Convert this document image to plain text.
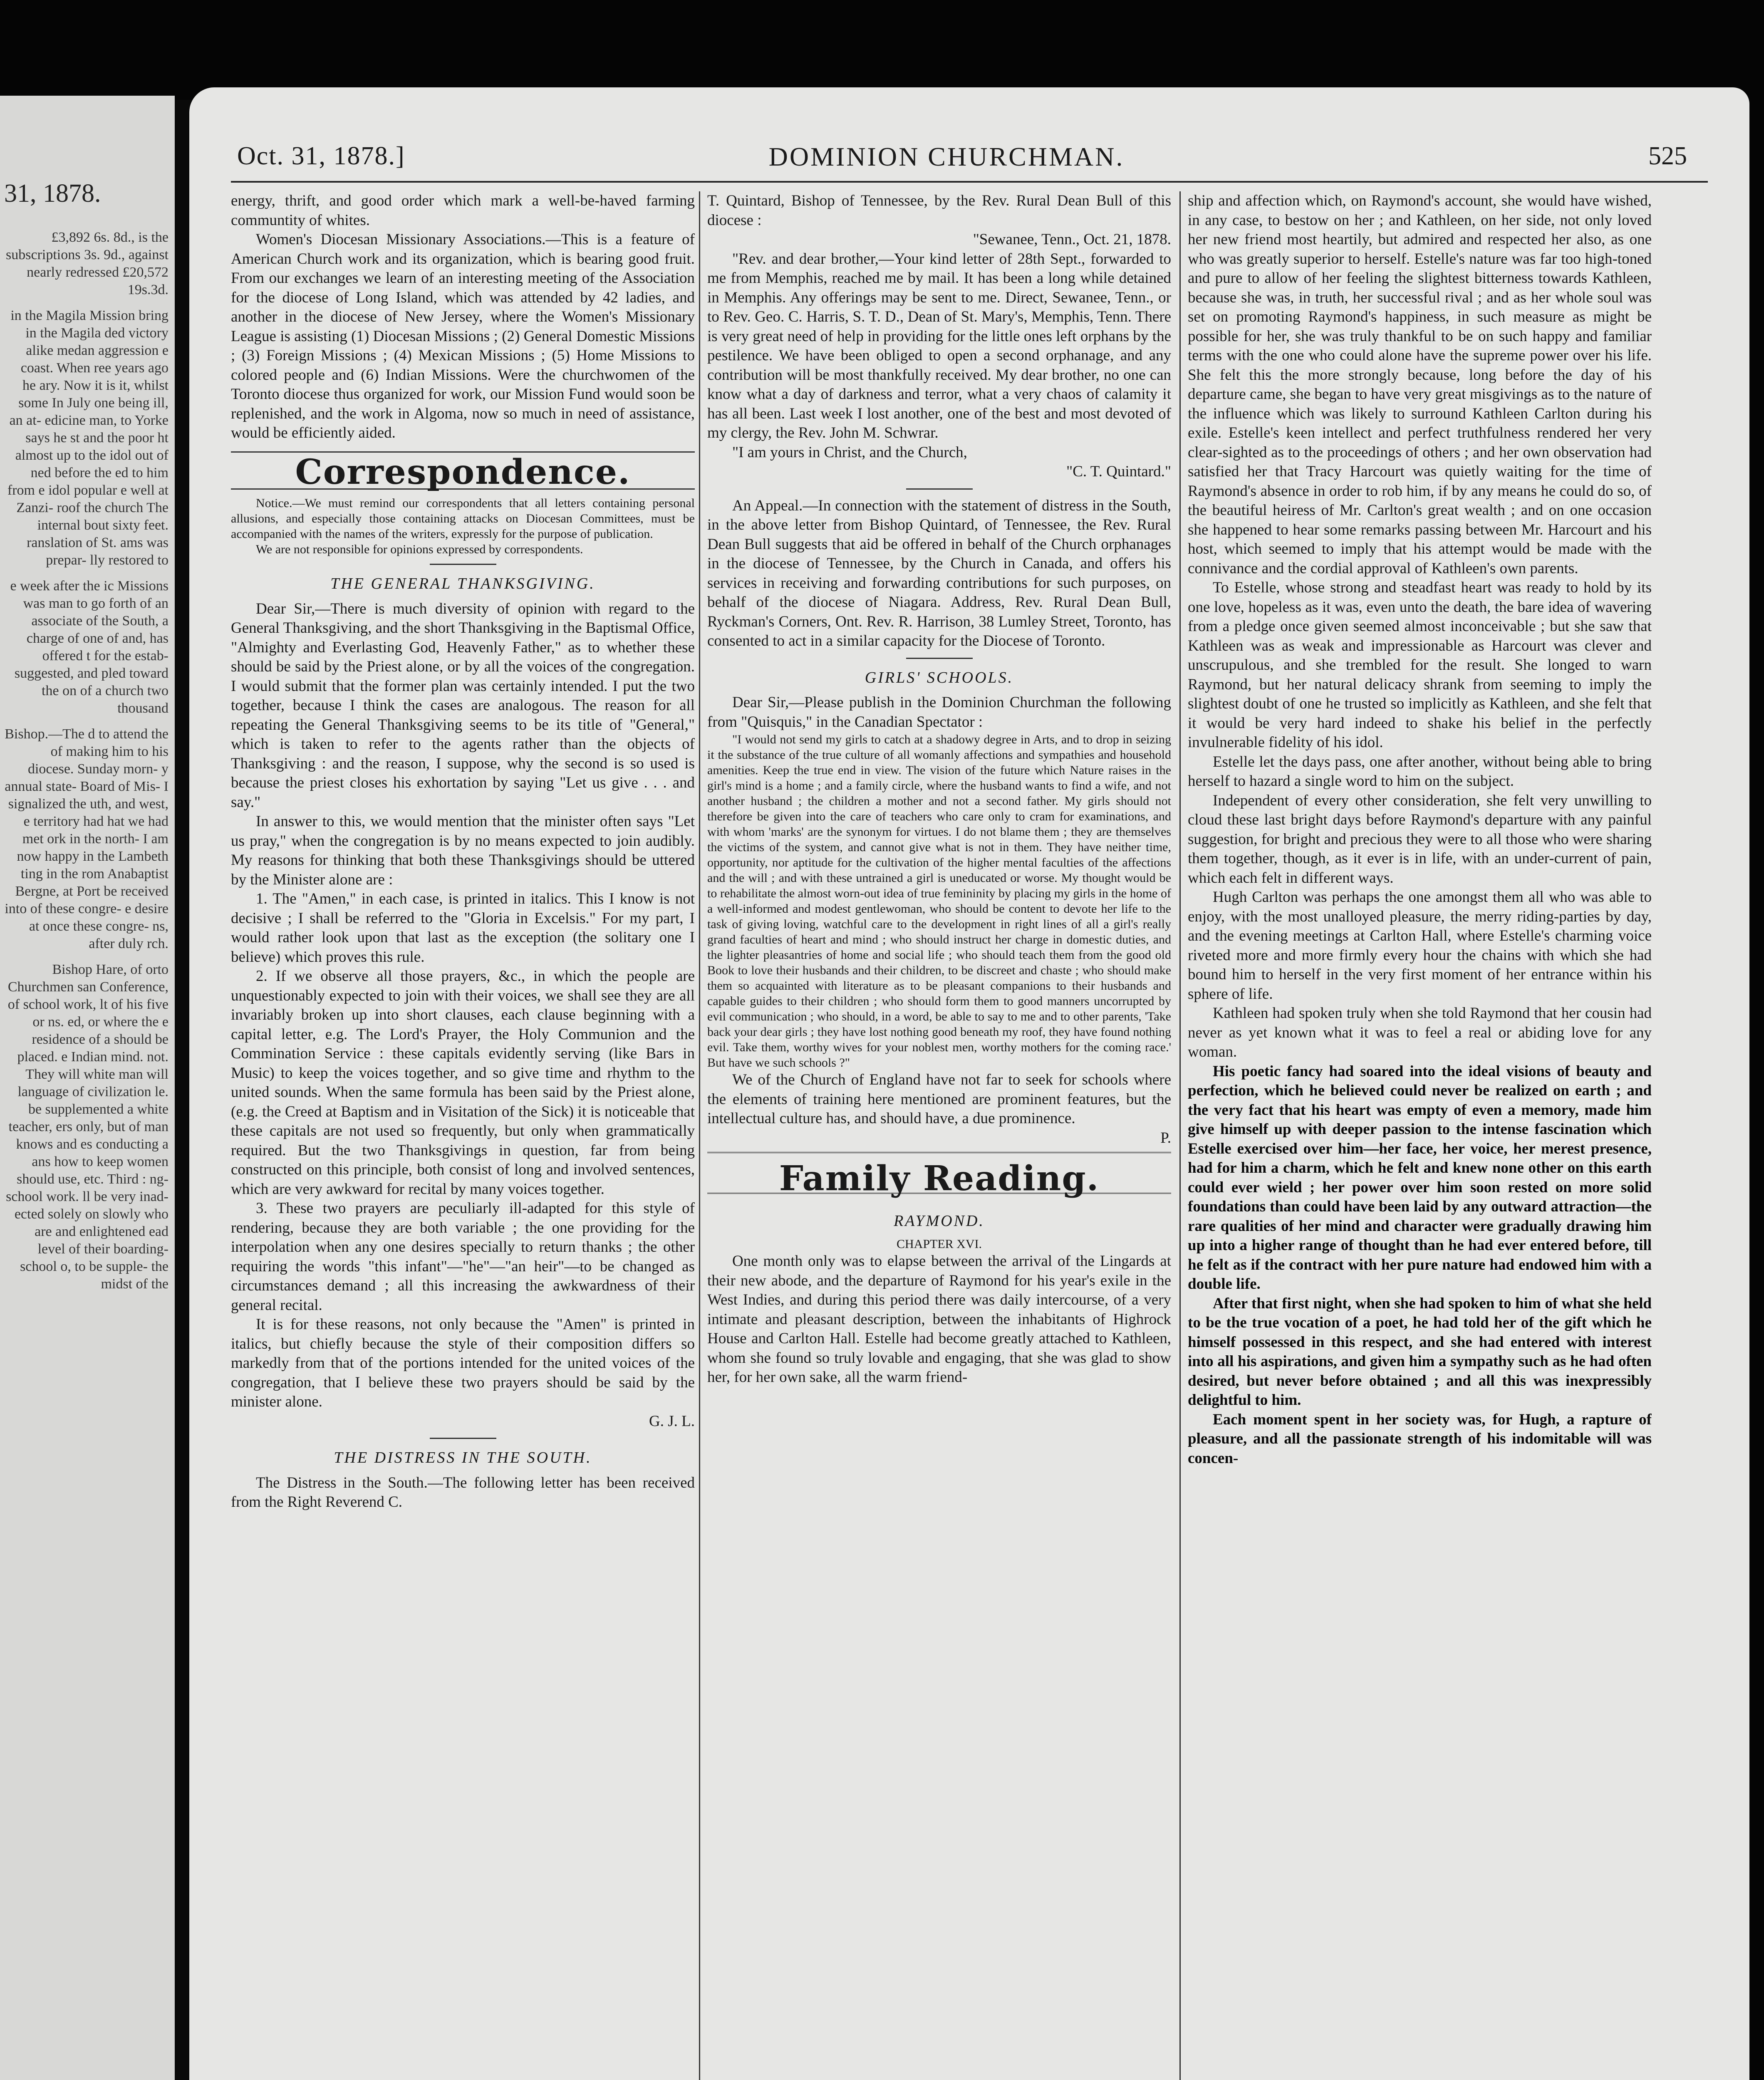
31, 1878.

£3,892 6s. 8d., is the subscriptions 3s. 9d., against nearly redressed £20,572 19s.3d.

in the Magila Mission bring in the Magila ded victory alike medan aggression e coast. When ree years ago he ary. Now it is it, whilst some In July one being ill, an at- edicine man, to Yorke says he st and the poor ht almost up to the idol out of ned before the ed to him from e idol popular e well at Zanzi- roof the church The internal bout sixty feet. ranslation of St. ams was prepar- lly restored to

e week after the ic Missions was man to go forth of an associate of the South, a charge of one of and, has offered t for the estab- suggested, and pled toward the on of a church two thousand

Bishop.—The d to attend the of making him to his diocese. Sunday morn- y annual state- Board of Mis- I signalized the uth, and west, e territory had hat we had met ork in the north- I am now happy in the Lambeth ting in the rom Anabaptist Bergne, at Port be received into of these congre- e desire at once these congre- ns, after duly rch.

Bishop Hare, of orto Churchmen san Conference, of school work, lt of his five or ns. ed, or where the e residence of a should be placed. e Indian mind. not. They will white man will language of civilization le. be supplemented a white teacher, ers only, but of man knows and es conducting a ans how to keep women should use, etc. Third : ng-school work. ll be very inad- ected solely on slowly who are and enlightened ead level of their boarding-school o, to be supple- the midst of the

Oct. 31, 1878.]	DOMINION CHURCHMAN.	525

energy, thrift, and good order which mark a well-be-haved farming communtity of whites.

Women's Diocesan Missionary Associations.—This is a feature of American Church work and its organization, which is bearing good fruit. From our exchanges we learn of an interesting meeting of the Association for the diocese of Long Island, which was attended by 42 ladies, and another in the diocese of New Jersey, where the Women's Missionary League is assisting (1) Diocesan Missions ; (2) General Domestic Missions ; (3) Foreign Missions ; (4) Mexican Missions ; (5) Home Missions to colored people and (6) Indian Missions. Were the churchwomen of the Toronto diocese thus organized for work, our Mission Fund would soon be replenished, and the work in Algoma, now so much in need of assistance, would be efficiently aided.

Correspondence.

Notice.—We must remind our correspondents that all letters containing personal allusions, and especially those containing attacks on Diocesan Committees, must be accompanied with the names of the writers, expressly for the purpose of publication.

We are not responsible for opinions expressed by correspondents.

THE GENERAL THANKSGIVING.

Dear Sir,—There is much diversity of opinion with regard to the General Thanksgiving, and the short Thanksgiving in the Baptismal Office, "Almighty and Everlasting God, Heavenly Father," as to whether these should be said by the Priest alone, or by all the voices of the congregation. I would submit that the former plan was certainly intended. I put the two together, because I think the cases are analogous. The reason for all repeating the General Thanksgiving seems to be its title of "General," which is taken to refer to the agents rather than the objects of Thanksgiving : and the reason, I suppose, why the second is so used is because the priest closes his exhortation by saying "Let us give . . . and say."

In answer to this, we would mention that the minister often says "Let us pray," when the congregation is by no means expected to join audibly. My reasons for thinking that both these Thanksgivings should be uttered by the Minister alone are :

1. The "Amen," in each case, is printed in italics. This I know is not decisive ; I shall be referred to the "Gloria in Excelsis." For my part, I would rather look upon that last as the exception (the solitary one I believe) which proves this rule.

2. If we observe all those prayers, &c., in which the people are unquestionably expected to join with their voices, we shall see they are all invariably broken up into short clauses, each clause beginning with a capital letter, e.g. The Lord's Prayer, the Holy Communion and the Commination Service : these capitals evidently serving (like Bars in Music) to keep the voices together, and so give time and rhythm to the united sounds. When the same formula has been said by the Priest alone, (e.g. the Creed at Baptism and in Visitation of the Sick) it is noticeable that these capitals are not used so frequently, but only when grammatically required. But the two Thanksgivings in question, far from being constructed on this principle, both consist of long and involved sentences, which are very awkward for recital by many voices together.

3. These two prayers are peculiarly ill-adapted for this style of rendering, because they are both variable ; the one providing for the interpolation when any one desires specially to return thanks ; the other requiring the words "this infant"—"he"—"an heir"—to be changed as circumstances demand ; all this increasing the awkwardness of their general recital.

It is for these reasons, not only because the "Amen" is printed in italics, but chiefly because the style of their composition differs so markedly from that of the portions intended for the united voices of the congregation, that I believe these two prayers should be said by the minister alone.

G. J. L.

THE DISTRESS IN THE SOUTH.

The Distress in the South.—The following letter has been received from the Right Reverend C.

T. Quintard, Bishop of Tennessee, by the Rev. Rural Dean Bull of this diocese :

"Sewanee, Tenn., Oct. 21, 1878.

"Rev. and dear brother,—Your kind letter of 28th Sept., forwarded to me from Memphis, reached me by mail. It has been a long while detained in Memphis. Any offerings may be sent to me. Direct, Sewanee, Tenn., or to Rev. Geo. C. Harris, S. T. D., Dean of St. Mary's, Memphis, Tenn. There is very great need of help in providing for the little ones left orphans by the pestilence. We have been obliged to open a second orphanage, and any contribution will be most thankfully received. My dear brother, no one can know what a day of darkness and terror, what a very chaos of calamity it has all been. Last week I lost another, one of the best and most devoted of my clergy, the Rev. John M. Schwrar.

"I am yours in Christ, and the Church,

"C. T. Quintard."

An Appeal.—In connection with the statement of distress in the South, in the above letter from Bishop Quintard, of Tennessee, the Rev. Rural Dean Bull suggests that aid be offered in behalf of the Church orphanages in the diocese of Tennessee, by the Church in Canada, and offers his services in receiving and forwarding contributions for such purposes, on behalf of the diocese of Niagara. Address, Rev. Rural Dean Bull, Ryckman's Corners, Ont. Rev. R. Harrison, 38 Lumley Street, Toronto, has consented to act in a similar capacity for the Diocese of Toronto.

GIRLS' SCHOOLS.

Dear Sir,—Please publish in the Dominion Churchman the following from "Quisquis," in the Canadian Spectator :

"I would not send my girls to catch at a shadowy degree in Arts, and to drop in seizing it the substance of the true culture of all womanly affections and sympathies and household amenities. Keep the true end in view. The vision of the future which Nature raises in the girl's mind is a home ; and a family circle, where the husband wants to find a wife, and not another husband ; the children a mother and not a second father. My girls should not therefore be given into the care of teachers who care only to cram for examinations, and with whom 'marks' are the synonym for virtues. I do not blame them ; they are themselves the victims of the system, and cannot give what is not in them. They have neither time, opportunity, nor aptitude for the cultivation of the higher mental faculties of the affections and the will ; and with these untrained a girl is uneducated or worse. My thought would be to rehabilitate the almost worn-out idea of true femininity by placing my girls in the home of a well-informed and modest gentlewoman, who should be content to devote her life to the task of giving loving, watchful care to the development in right lines of all a girl's really grand faculties of heart and mind ; who should instruct her charge in domestic duties, and the lighter pleasantries of home and social life ; who should teach them from the good old Book to love their husbands and their children, to be discreet and chaste ; who should make them so acquainted with literature as to be pleasant companions to their husbands and capable guides to their children ; who should form them to good manners uncorrupted by evil communication ; who should, in a word, be able to say to me and to other parents, 'Take back your dear girls ; they have lost nothing good beneath my roof, they have found nothing evil. Take them, worthy wives for your noblest men, worthy mothers for the coming race.' But have we such schools ?"

We of the Church of England have not far to seek for schools where the elements of training here mentioned are prominent features, but the intellectual culture has, and should have, a due prominence.

P.

Family Reading.
RAYMOND.

CHAPTER XVI.

One month only was to elapse between the arrival of the Lingards at their new abode, and the departure of Raymond for his year's exile in the West Indies, and during this period there was daily intercourse, of a very intimate and pleasant description, between the inhabitants of Highrock House and Carlton Hall. Estelle had become greatly attached to Kathleen, whom she found so truly lovable and engaging, that she was glad to show her, for her own sake, all the warm friend-

ship and affection which, on Raymond's account, she would have wished, in any case, to bestow on her ; and Kathleen, on her side, not only loved her new friend most heartily, but admired and respected her also, as one who was greatly superior to herself. Estelle's nature was far too high-toned and pure to allow of her feeling the slightest bitterness towards Kathleen, because she was, in truth, her successful rival ; and as her whole soul was set on promoting Raymond's happiness, in such measure as might be possible for her, she was truly thankful to be on such happy and familiar terms with the one who could alone have the supreme power over his life. She felt this the more strongly because, long before the day of his departure came, she began to have very great misgivings as to the nature of the influence which was likely to surround Kathleen Carlton during his exile. Estelle's keen intellect and perfect truthfulness rendered her very clear-sighted as to the proceedings of others ; and her own observation had satisfied her that Tracy Harcourt was quietly waiting for the time of Raymond's absence in order to rob him, if by any means he could do so, of the beautiful heiress of Mr. Carlton's great wealth ; and on one occasion she happened to hear some remarks passing between Mr. Harcourt and his host, which seemed to imply that his attempt would be made with the connivance and the cordial approval of Kathleen's own parents.

To Estelle, whose strong and steadfast heart was ready to hold by its one love, hopeless as it was, even unto the death, the bare idea of wavering from a pledge once given seemed almost inconceivable ; but she saw that Kathleen was as weak and impressionable as Harcourt was clever and unscrupulous, and she trembled for the result. She longed to warn Raymond, but her natural delicacy shrank from seeming to imply the slightest doubt of one he trusted so implicitly as Kathleen, and she felt that it would be very hard indeed to shake his belief in the perfectly invulnerable fidelity of his idol.

Estelle let the days pass, one after another, without being able to bring herself to hazard a single word to him on the subject.

Independent of every other consideration, she felt very unwilling to cloud these last bright days before Raymond's departure with any painful suggestion, for bright and precious they were to all those who were sharing them together, though, as it ever is in life, with an under-current of pain, which each felt in different ways.

Hugh Carlton was perhaps the one amongst them all who was able to enjoy, with the most unalloyed pleasure, the merry riding-parties by day, and the evening meetings at Carlton Hall, where Estelle's charming voice riveted more and more firmly every hour the chains with which she had bound him to herself in the very first moment of her entrance within his sphere of life.

Kathleen had spoken truly when she told Raymond that her cousin had never as yet known what it was to feel a real or abiding love for any woman.

His poetic fancy had soared into the ideal visions of beauty and perfection, which he believed could never be realized on earth ; and the very fact that his heart was empty of even a memory, made him give himself up with deeper passion to the intense fascination which Estelle exercised over him—her face, her voice, her merest presence, had for him a charm, which he felt and knew none other on this earth could ever wield ; her power over him soon rested on more solid foundations than could have been laid by any outward attraction—the rare qualities of her mind and character were gradually drawing him up into a higher range of thought than he had ever entered before, till he felt as if the contract with her pure nature had endowed him with a double life.

After that first night, when she had spoken to him of what she held to be the true vocation of a poet, he had told her of the gift which he himself possessed in this respect, and she had entered with interest into all his aspirations, and given him a sympathy such as he had often desired, but never before obtained ; and all this was inexpressibly delightful to him.

Each moment spent in her society was, for Hugh, a rapture of pleasure, and all the passionate strength of his indomitable will was concen-
